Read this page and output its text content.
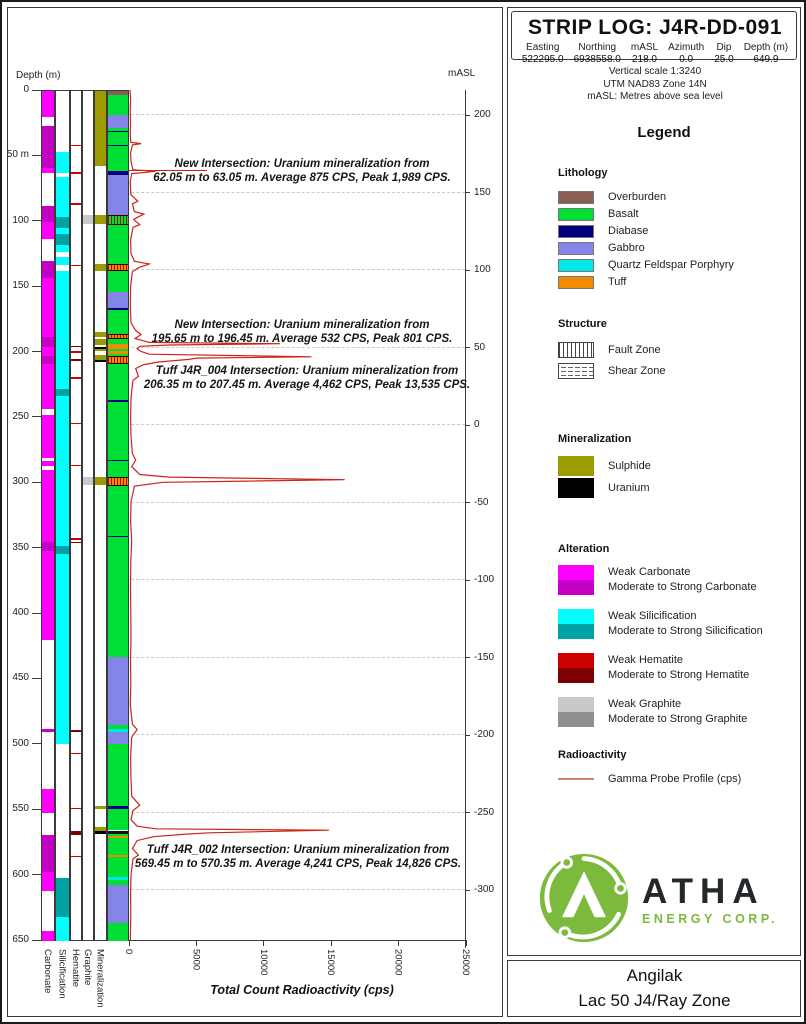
Depth (m)	mASL
Total Count Radioactivity (cps)
STRIP LOG: J4R-DD-091
Easting
522295.0
Northing
6938558.0
mASL
218.0
Azimuth
0.0
Dip
25.0
Depth (m)
649.9
Vertical scale 1:3240
UTM NAD83 Zone 14N
mASL: Metres above sea level
Legend
Lithology
Overburden
Basalt
Diabase
Gabbro
Quartz Feldspar Porphyry
Tuff
Structure
Fault Zone
Shear Zone
Mineralization
Sulphide
Uranium
Alteration
Weak Carbonate
Moderate to Strong Carbonate
Weak Silicification
Moderate to Strong Silicification
Weak Hematite
Moderate to Strong Hematite
Weak Graphite
Moderate to Strong Graphite
Radioactivity
Gamma Probe Profile (cps)
ATHA
ENERGY CORP.
Angilak
Lac 50 J4/Ray Zone
0
50 m
100
150
200
250
300
350
400
450
500
550
600
650
200
150
100
50
0
-50
-100
-150
-200
-250
-300
0	5000	10000	15000	20000	25000
Carbonate Silicification Hematite Graphite Mineralization
New Intersection: Uranium mineralization from
62.05 m to 63.05 m. Average 875 CPS, Peak 1,989 CPS.
New Intersection: Uranium mineralization from
195.65 m to 196.45 m. Average 532 CPS, Peak 801 CPS.
Tuff J4R_004 Intersection: Uranium mineralization from
206.35 m to 207.45 m. Average 4,462 CPS, Peak 13,535 CPS.
Tuff J4R_002 Intersection: Uranium mineralization from
569.45 m to 570.35 m. Average 4,241 CPS, Peak 14,826 CPS.
